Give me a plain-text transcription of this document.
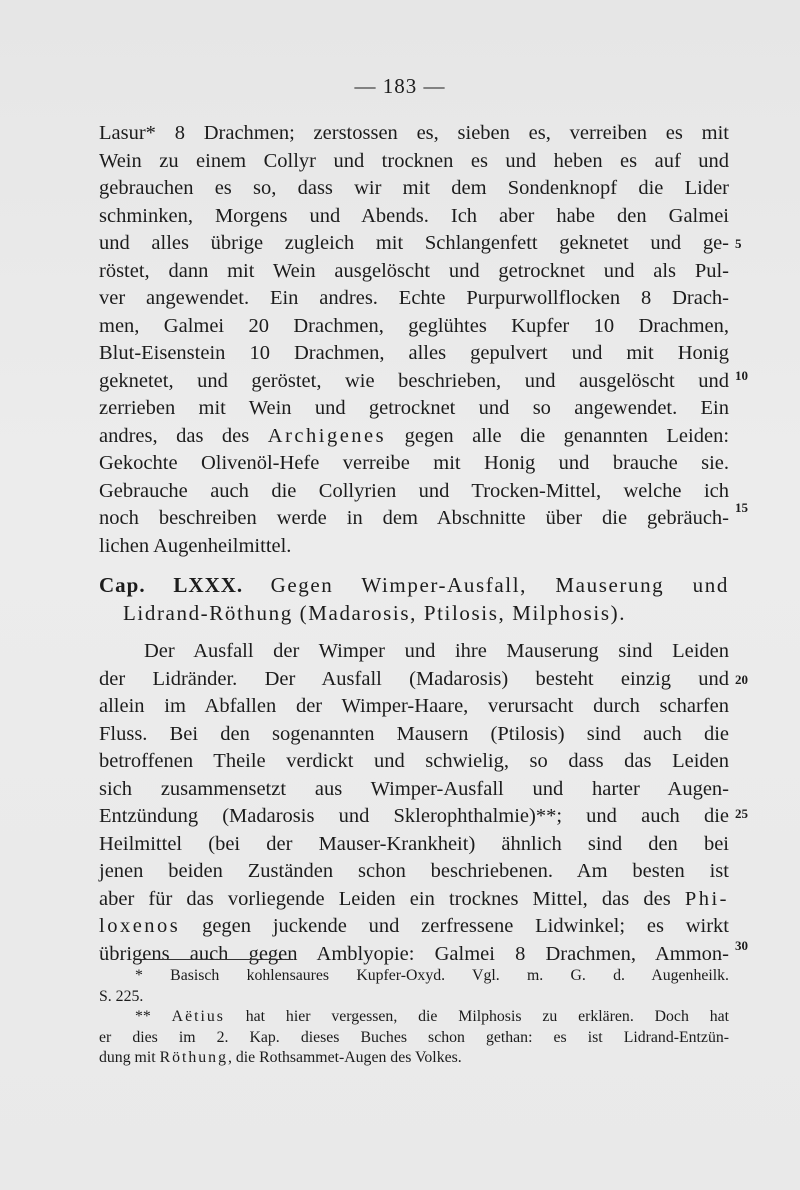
— 183 —
Lasur* 8 Drachmen; zerstossen es, sieben es, verreiben es mit
Wein zu einem Collyr und trocknen es und heben es auf und
gebrauchen es so, dass wir mit dem Sondenknopf die Lider
schminken, Morgens und Abends. Ich aber habe den Galmei
und alles übrige zugleich mit Schlangenfett geknetet und ge-
röstet, dann mit Wein ausgelöscht und getrocknet und als Pul-
ver angewendet. Ein andres. Echte Purpurwollflocken 8 Drach-
men, Galmei 20 Drachmen, geglühtes Kupfer 10 Drachmen,
Blut-Eisenstein 10 Drachmen, alles gepulvert und mit Honig
geknetet, und geröstet, wie beschrieben, und ausgelöscht und
zerrieben mit Wein und getrocknet und so angewendet. Ein
andres, das des Archigenes gegen alle die genannten Leiden:
Gekochte Olivenöl-Hefe verreibe mit Honig und brauche sie.
Gebrauche auch die Collyrien und Trocken-Mittel, welche ich
noch beschreiben werde in dem Abschnitte über die gebräuch-
lichen Augenheilmittel.
Cap. LXXX. Gegen Wimper-Ausfall, Mauserung und
Lidrand-Röthung (Madarosis, Ptilosis, Milphosis).
Der Ausfall der Wimper und ihre Mauserung sind Leiden
der Lidränder. Der Ausfall (Madarosis) besteht einzig und
allein im Abfallen der Wimper-Haare, verursacht durch scharfen
Fluss. Bei den sogenannten Mausern (Ptilosis) sind auch die
betroffenen Theile verdickt und schwielig, so dass das Leiden
sich zusammensetzt aus Wimper-Ausfall und harter Augen-
Entzündung (Madarosis und Sklerophthalmie)**; und auch die
Heilmittel (bei der Mauser-Krankheit) ähnlich sind den bei
jenen beiden Zuständen schon beschriebenen. Am besten ist
aber für das vorliegende Leiden ein trocknes Mittel, das des Phi-
loxenos gegen juckende und zerfressene Lidwinkel; es wirkt
übrigens auch gegen Amblyopie: Galmei 8 Drachmen, Ammon-
5
10
15
20
25
30
* Basisch kohlensaures Kupfer-Oxyd. Vgl. m. G. d. Augenheilk.
S. 225.
** Aëtius hat hier vergessen, die Milphosis zu erklären. Doch hat
er dies im 2. Kap. dieses Buches schon gethan: es ist Lidrand-Entzün-
dung mit Röthung, die Rothsammet-Augen des Volkes.
